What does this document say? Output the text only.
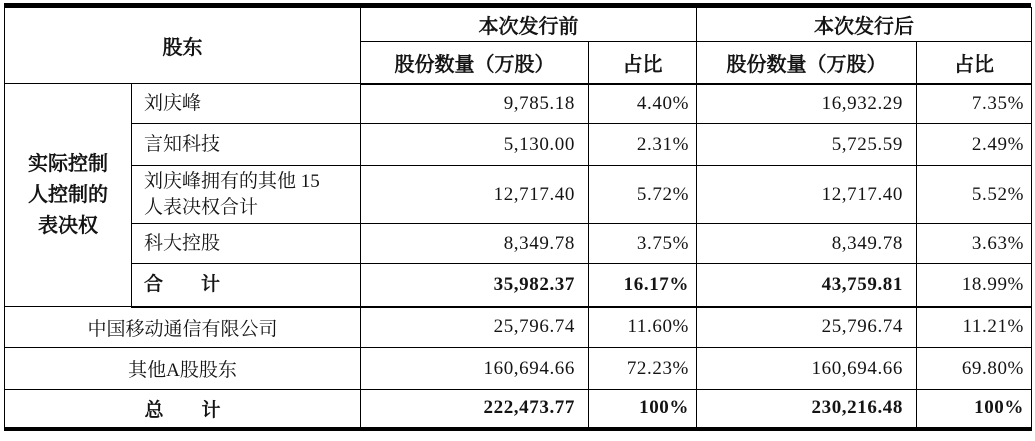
股东		本次发行前		本次发行后	
		股份数量（万股）	占比	股份数量（万股）	占比
实际控制
人控制的
表决权	刘庆峰	9,785.18	4.40%	16,932.29	7.35%
	言知科技	5,130.00	2.31%	5,725.59	2.49%
	刘庆峰拥有的其他 15
人表决权合计	12,717.40	5.72%	12,717.40	5.52%
	科大控股	8,349.78	3.75%	8,349.78	3.63%
	合　　计	35,982.37	16.17%	43,759.81	18.99%
中国移动通信有限公司		25,796.74	11.60%	25,796.74	11.21%
其他A股股东		160,694.66	72.23%	160,694.66	69.80%
总　　计		222,473.77	100%	230,216.48	100%
